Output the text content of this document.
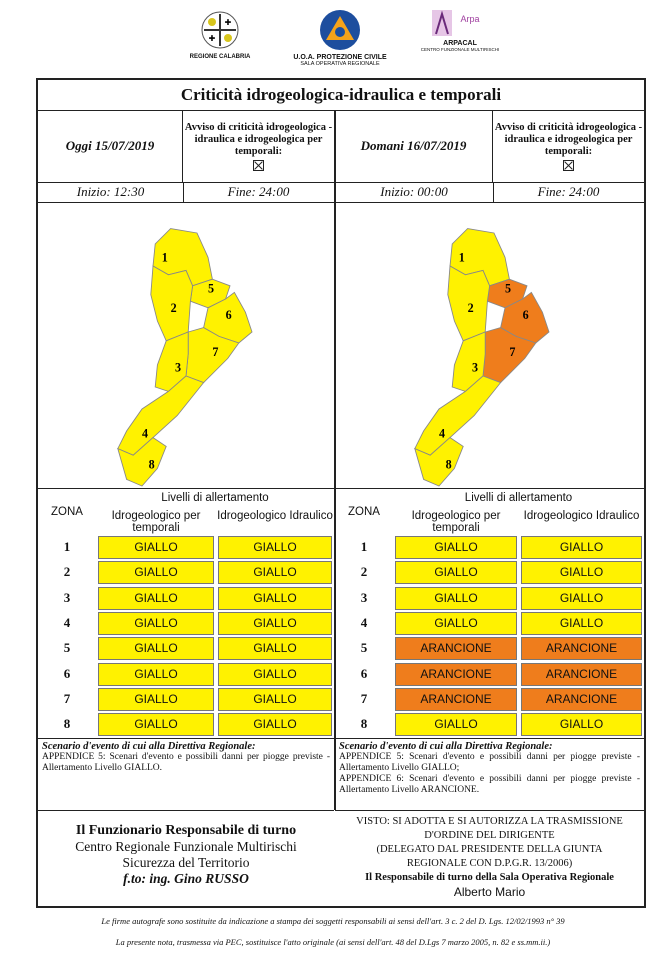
✚
✚
REGIONE CALABRIA	U.O.A. PROTEZIONE CIVILE
SALA OPERATIVA REGIONALE
Arpa
ARPACAL
CENTRO FUNZIONALE MULTIRISCHI
Criticità idrogeologica-idraulica e temporali
Oggi 15/07/2019
Avviso di criticità idrogeologica - idraulica e idrogeologica per temporali:	Domani 16/07/2019
Avviso di criticità idrogeologica - idraulica e idrogeologica per temporali:
Inizio: 12:30	Fine: 24:00	Inizio: 00:00	Fine: 24:00
1
5
2	6
7
3
4
8
1
5
2	6
7
3
4
8
ZONA
Livelli di allertamento
Idrogeologico per temporali
Idrogeologico Idraulico
1	GIALLO	GIALLO
2	GIALLO	GIALLO
3	GIALLO	GIALLO
4	GIALLO	GIALLO
5	GIALLO	GIALLO
6	GIALLO	GIALLO
7	GIALLO	GIALLO
8	GIALLO	GIALLO
ZONA
Livelli di allertamento
Idrogeologico per temporali
Idrogeologico Idraulico
1	GIALLO	GIALLO
2	GIALLO	GIALLO
3	GIALLO	GIALLO
4	GIALLO	GIALLO
5	ARANCIONE	ARANCIONE
6	ARANCIONE	ARANCIONE
7	ARANCIONE	ARANCIONE
8	GIALLO	GIALLO
Scenario d'evento di cui alla Direttiva Regionale:
APPENDICE 5: Scenari d'evento e possibili danni per piogge previste - Allertamento Livello GIALLO.
Scenario d'evento di cui alla Direttiva Regionale:
APPENDICE 5: Scenari d'evento e possibili danni per piogge previste - Allertamento Livello GIALLO;
APPENDICE 6: Scenari d'evento e possibili danni per piogge previste - Allertamento Livello ARANCIONE.
Il Funzionario Responsabile di turno
Centro Regionale Funzionale Multirischi
Sicurezza del Territorio
f.to: ing. Gino RUSSO
VISTO: SI ADOTTA E SI AUTORIZZA LA TRASMISSIONE
D'ORDINE DEL DIRIGENTE
(DELEGATO DAL PRESIDENTE DELLA GIUNTA
REGIONALE CON D.P.G.R. 13/2006)
Il Responsabile di turno della Sala Operativa Regionale
Alberto Mario
Le firme autografe sono sostituite da indicazione a stampa dei soggetti responsabili ai sensi dell'art. 3 c. 2 del D. Lgs. 12/02/1993 n° 39
La presente nota, trasmessa via PEC, sostituisce l'atto originale (ai sensi dell'art. 48 del D.Lgs 7 marzo 2005, n. 82 e ss.mm.ii.)
